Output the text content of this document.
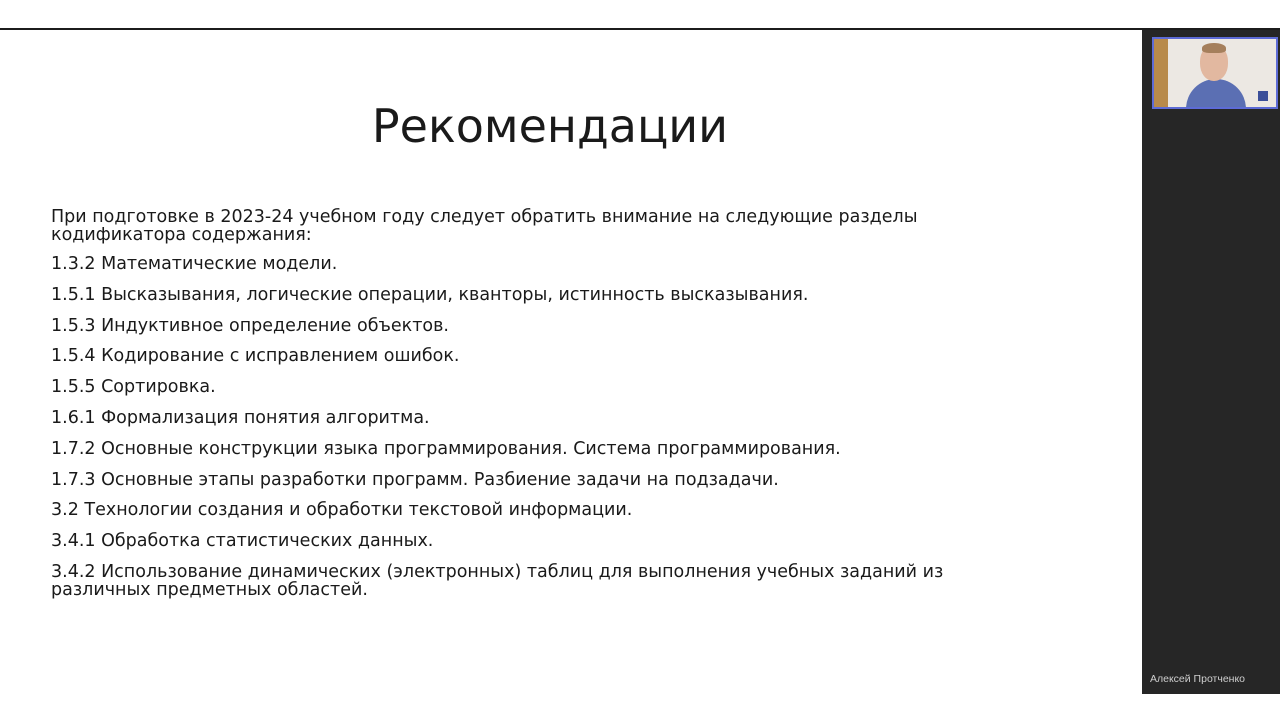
Рекомендации
При подготовке в 2023-24 учебном году следует обратить внимание на следующие разделы кодификатора содержания:
1.3.2 Математические модели.
1.5.1 Высказывания, логические операции, кванторы, истинность высказывания.
1.5.3 Индуктивное определение объектов.
1.5.4 Кодирование с исправлением ошибок.
1.5.5 Сортировка.
1.6.1 Формализация понятия алгоритма.
1.7.2 Основные конструкции языка программирования. Система программирования.
1.7.3 Основные этапы разработки программ. Разбиение задачи на подзадачи.
3.2 Технологии создания и обработки текстовой информации.
3.4.1 Обработка статистических данных.
3.4.2 Использование динамических (электронных) таблиц для выполнения учебных заданий из различных предметных областей.
Алексей Протченко
